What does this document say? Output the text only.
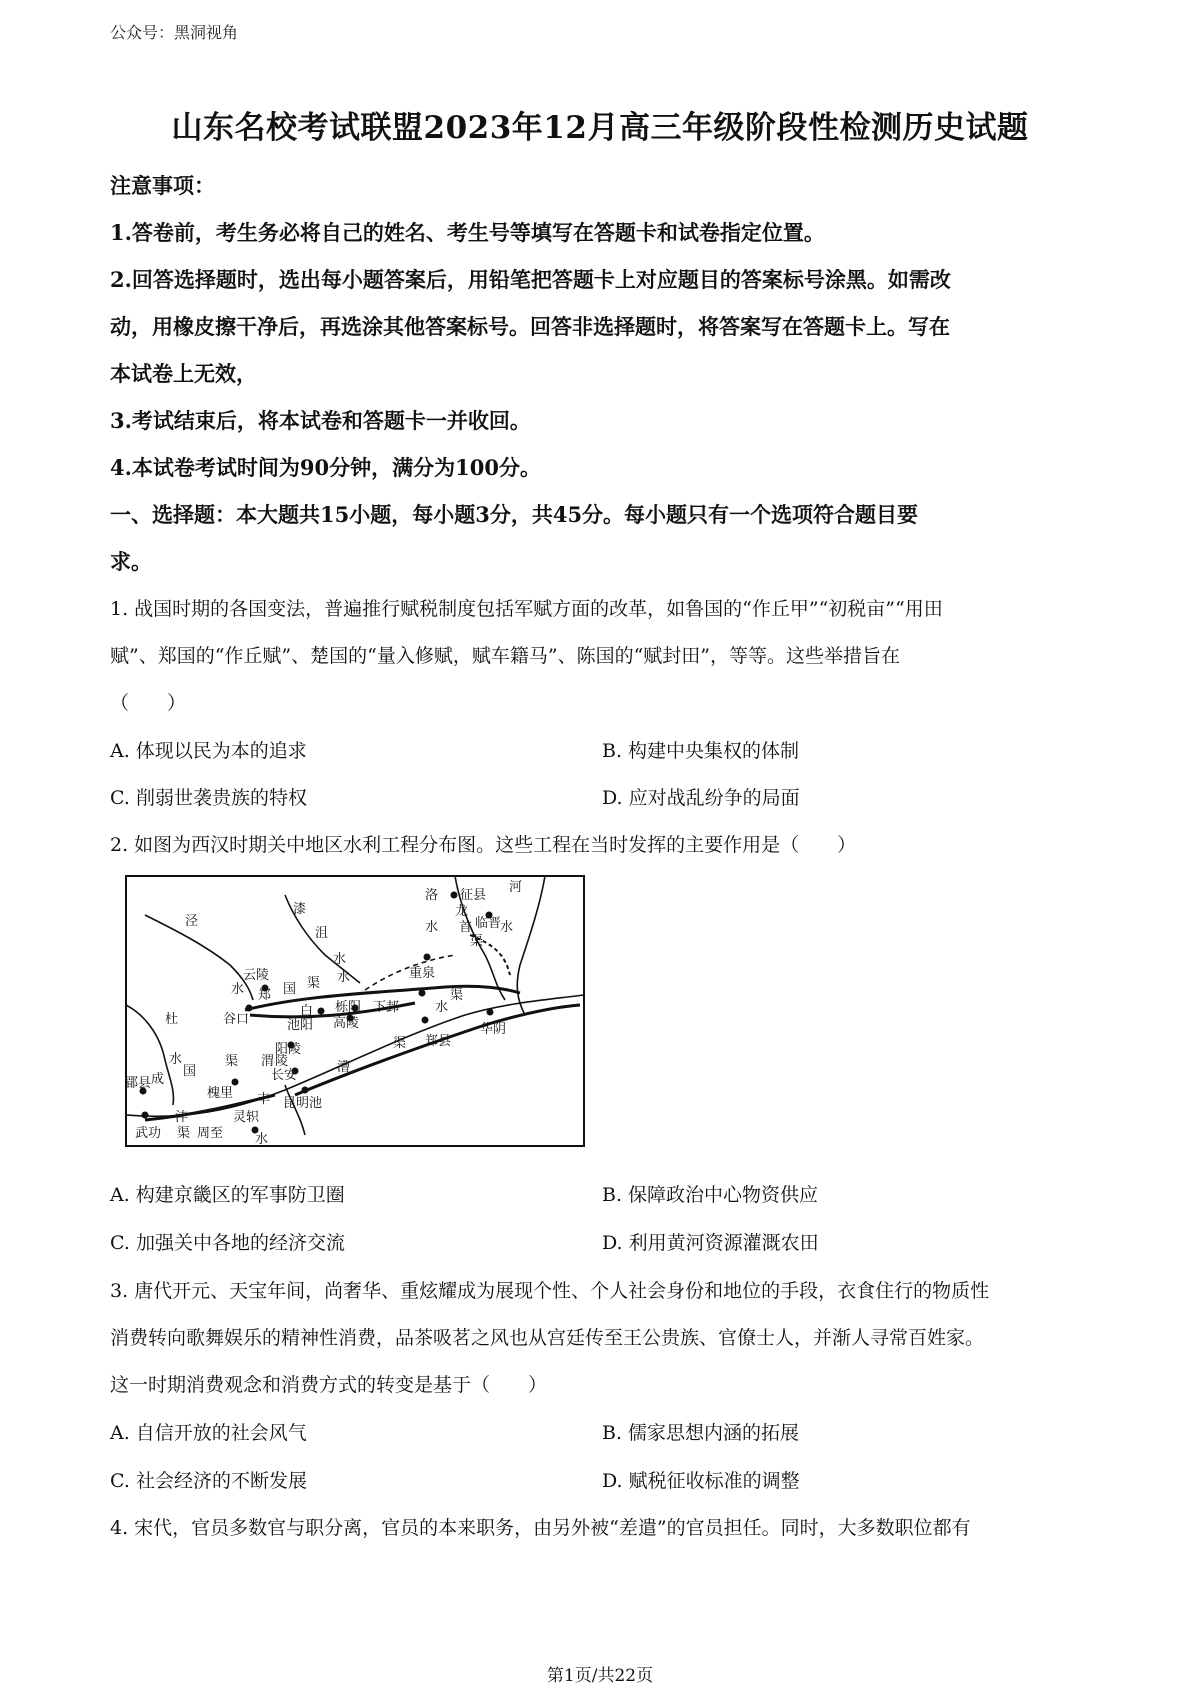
公众号：黑洞视角
山东名校考试联盟2023年12月高三年级阶段性检测历史试题
注意事项：
1.答卷前，考生务必将自己的姓名、考生号等填写在答题卡和试卷指定位置。
2.回答选择题时，选出每小题答案后，用铅笔把答题卡上对应题目的答案标号涂黑。如需改
动，用橡皮擦干净后，再选涂其他答案标号。回答非选择题时，将答案写在答题卡上。写在
本试卷上无效，
3.考试结束后，将本试卷和答题卡一并收回。
4.本试卷考试时间为90分钟，满分为100分。
一、选择题：本大题共15小题，每小题3分，共45分。每小题只有一个选项符合题目要
求。
1. 战国时期的各国变法，普遍推行赋税制度包括军赋方面的改革，如鲁国的“作丘甲”“初税亩”“用田
赋”、郑国的“作丘赋”、楚国的“量入修赋，赋车籍马”、陈国的“赋封田”，等等。这些举措旨在
（　　）
A. 体现以民为本的追求	B. 构建中央集权的体制
C. 削弱世袭贵族的特权	D. 应对战乱纷争的局面
2. 如图为西汉时期关中地区水利工程分布图。这些工程在当时发挥的主要作用是（　　）
泾
漆
沮
水
洛 征县
龙
首
渠
河
水	水
临晋
云陵
水 郑 国 渠 水	重泉
白
渠
栎阳 下邽	水
谷口	池阳 高陵
杜
水
国
渠
渠 郑县
华阴
阳陵
渭	漕
郿县 成
槐里
长安
武功
昆明池
沣
渠 周至
灵轵
丰
水
陵
A. 构建京畿区的军事防卫圈	B. 保障政治中心物资供应
C. 加强关中各地的经济交流	D. 利用黄河资源灌溉农田
3. 唐代开元、天宝年间，尚奢华、重炫耀成为展现个性、个人社会身份和地位的手段，衣食住行的物质性
消费转向歌舞娱乐的精神性消费，品茶吸茗之风也从宫廷传至王公贵族、官僚士人，并渐人寻常百姓家。
这一时期消费观念和消费方式的转变是基于（　　）
A. 自信开放的社会风气	B. 儒家思想内涵的拓展
C. 社会经济的不断发展	D. 赋税征收标准的调整
4. 宋代，官员多数官与职分离，官员的本来职务，由另外被“差遣”的官员担任。同时，大多数职位都有
第1页/共22页
